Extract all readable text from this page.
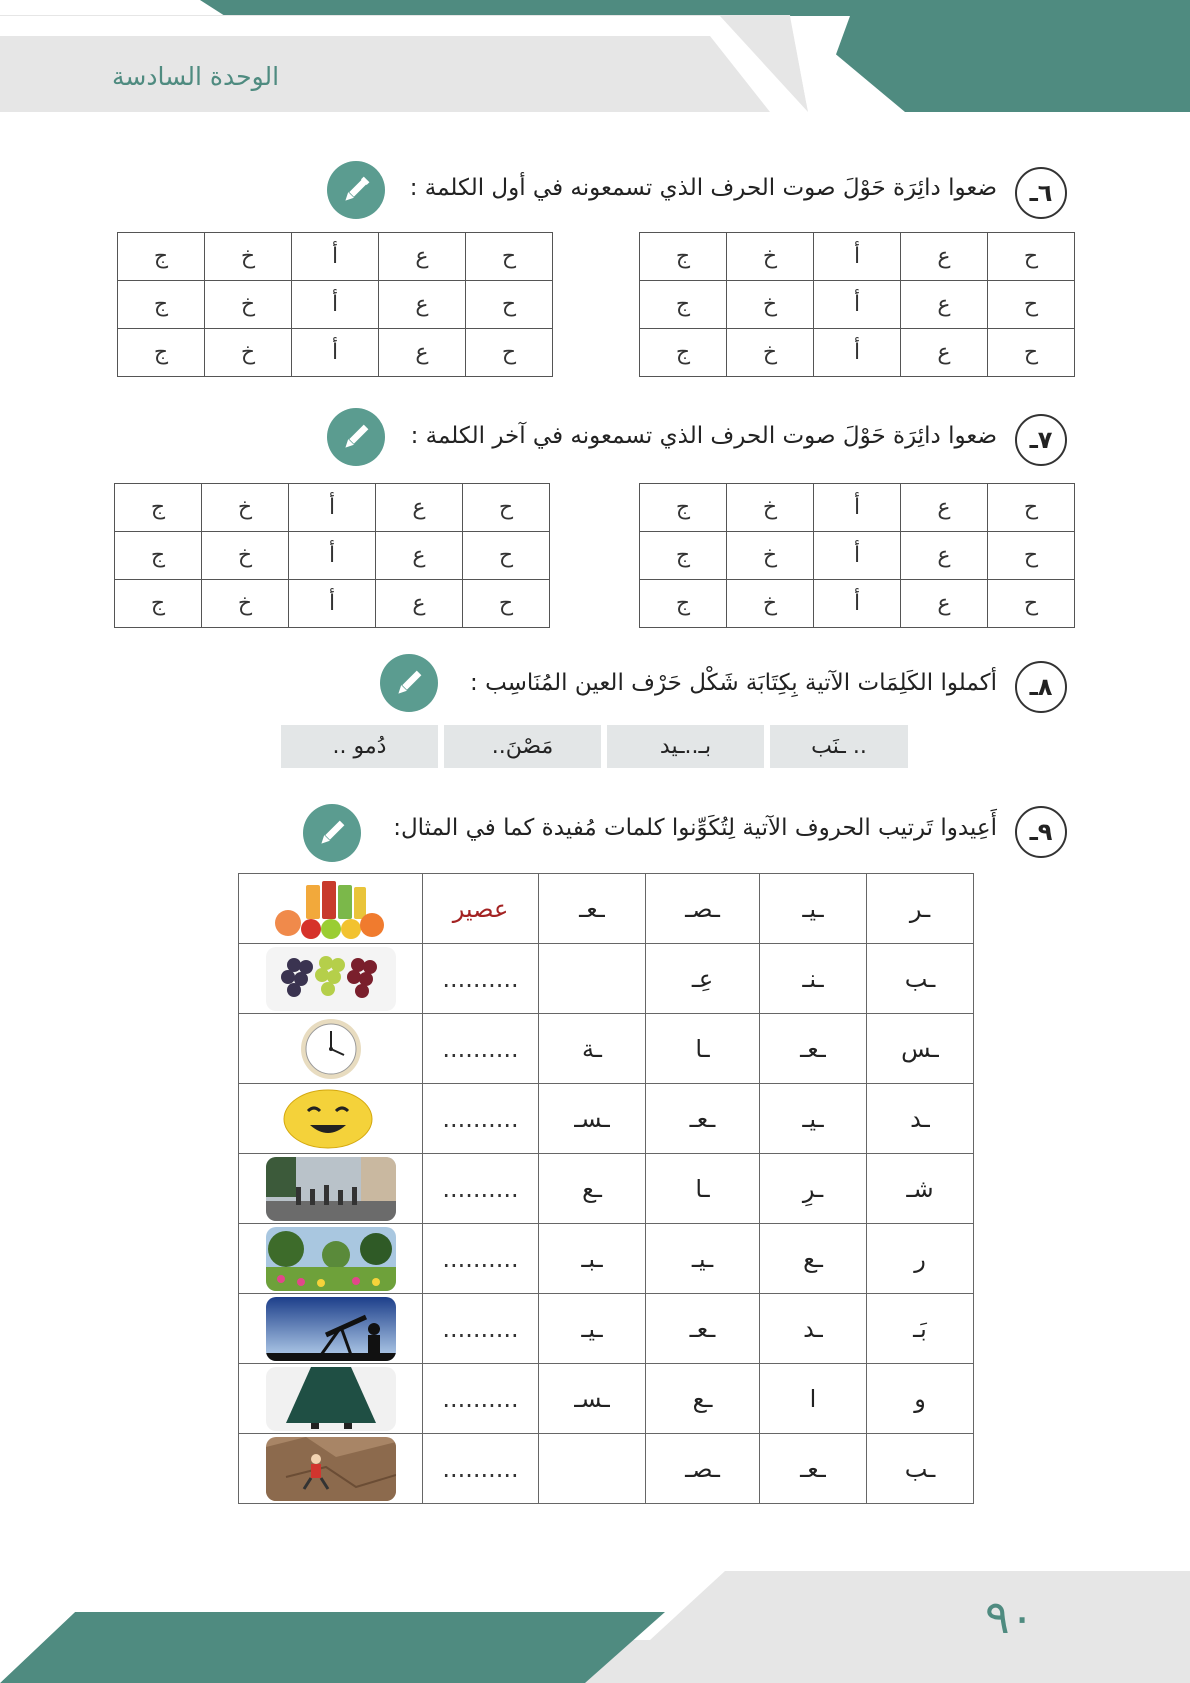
الوحدة السادسة
٦ـ
ضعوا دائِرَة حَوْلَ صوت الحرف الذي تسمعونه في أول الكلمة :
ح	ع	أ	خ	ج
ح	ع	أ	خ	ج
ح	ع	أ	خ	ج
ح	ع	أ	خ	ج
ح	ع	أ	خ	ج
ح	ع	أ	خ	ج
٧ـ
ضعوا دائِرَة حَوْلَ صوت الحرف الذي تسمعونه في آخر الكلمة :
ح	ع	أ	خ	ج
ح	ع	أ	خ	ج
ح	ع	أ	خ	ج
ح	ع	أ	خ	ج
ح	ع	أ	خ	ج
ح	ع	أ	خ	ج
٨ـ
أكملوا الكَلِمَات الآتية بِكِتَابَة شَكْل حَرْف العين المُنَاسِب :
.. ـنَب
بـ..ـيد
مَصْنَ..
دُمو ..
٩ـ
أَعِيدوا تَرتيب الحروف الآتية لِتُكَوِّنوا كلمات مُفيدة كما في المثال:
ـر	ـيـ	ـصـ	ـعـ	عصير	

ـب	ـنـ	عِـ		..........	

ـس	ـعـ	ـا	ـة	..........	

ـد	ـيـ	ـعـ	ـسـ	..........	

شـ	ـرِ	ـا	ـع	..........	

ر	ـع	ـيـ	ـبـ	..........	

بَـ	ـد	ـعـ	ـيـ	..........	

و	ا	ـع	ـسـ	..........	

ـب	ـعـ	ـصـ		..........	
٩٠
